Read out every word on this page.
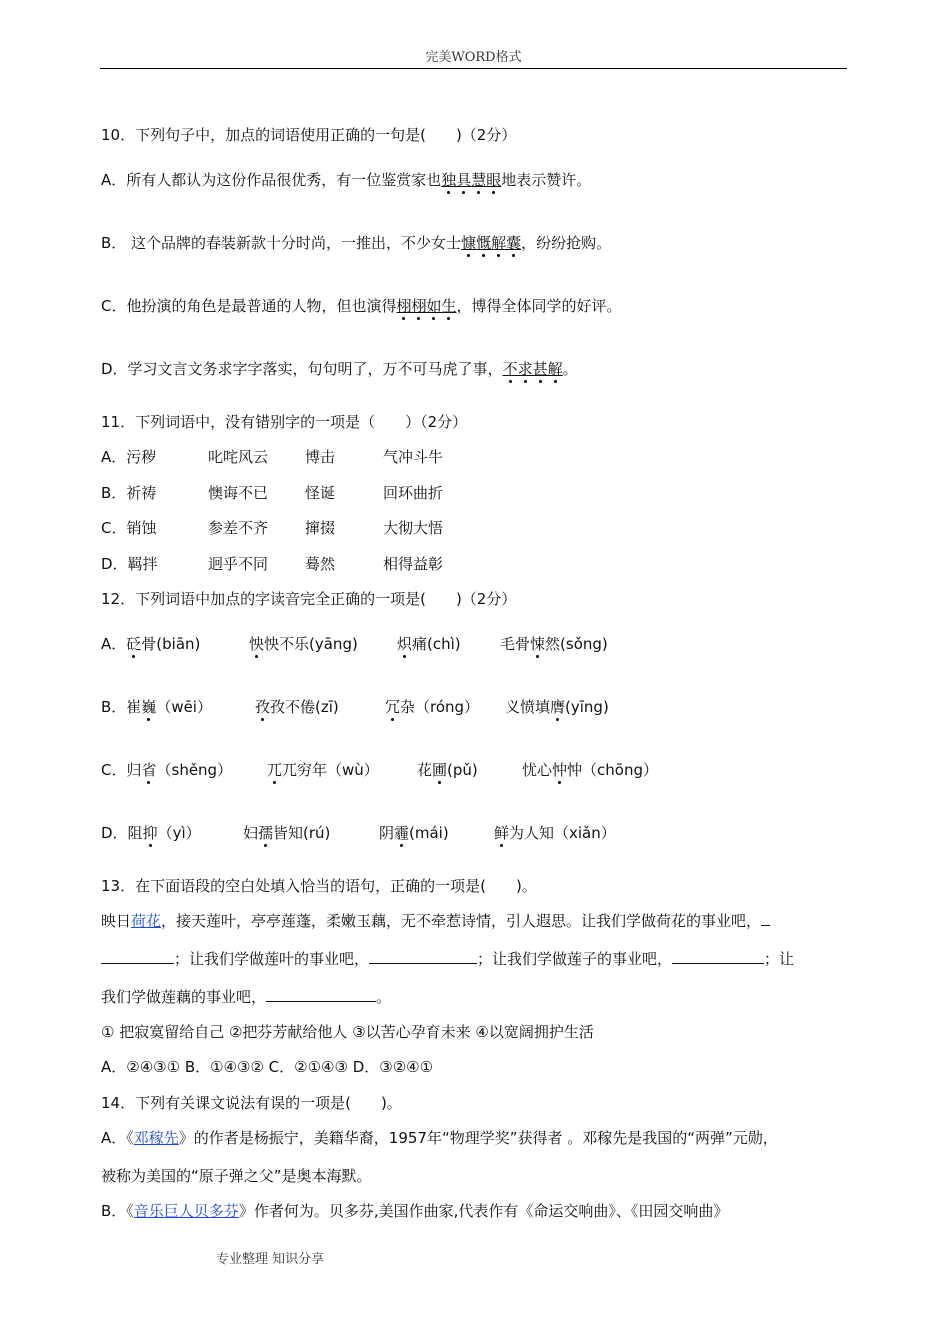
完美WORD格式
10．下列句子中，加点的词语使用正确的一句是(　　)（2分）
A．所有人都认为这份作品很优秀，有一位鉴赏家也独具慧眼地表示赞许。
B． 这个品牌的春装新款十分时尚，一推出，不少女士慷慨解囊，纷纷抢购。
C．他扮演的角色是最普通的人物，但也演得栩栩如生，博得全体同学的好评。
D．学习文言文务求字字落实，句句明了，万不可马虎了事，不求甚解。
11．下列词语中，没有错别字的一项是（　　）（2分）
A．污秽	叱咤风云 博击	气冲斗牛
B．祈祷	懊诲不已 怪诞	回环曲折
C．销蚀	参差不齐 撺掇	大彻大悟
D．羁拌	迥乎不同 蓦然	相得益彰
12．下列词语中加点的字读音完全正确的一项是(　　)（2分）
A．砭骨(biān)	怏怏不乐(yāng)	炽痛(chì)	毛骨悚然(sǒng)
B．崔巍（wēi）	孜孜不倦(zī)	冗杂（róng） 义愤填膺(yīng)
C．归省（shěng） 兀兀穷年（wù）	花圃(pǔ)	忧心忡忡（chōng）
D．阻抑（yì）	妇孺皆知(rú)	阴霾(mái)	鲜为人知（xiǎn）
13．在下面语段的空白处填入恰当的语句，正确的一项是(　　)。
映日荷花，接天莲叶，亭亭莲蓬，柔嫩玉藕，无不牵惹诗情，引人遐思。让我们学做荷花的事业吧，
；让我们学做莲叶的事业吧，	；让我们学做莲子的事业吧，	；让
我们学做莲藕的事业吧，	。
① 把寂寞留给自己 ②把芬芳献给他人 ③以苦心孕育未来 ④以宽阔拥护生活
A．②④③① B．①④③② C．②①④③ D．③②④①
14．下列有关课文说法有误的一项是(　　)。
A．《邓稼先》的作者是杨振宁，美籍华裔，1957年“物理学奖”获得者 。邓稼先是我国的“两弹”元勋，
被称为美国的“原子弹之父”是奥本海默。
B．《音乐巨人贝多芬》作者何为。贝多芬,美国作曲家,代表作有《命运交响曲》、《田园交响曲》
专业整理 知识分享
